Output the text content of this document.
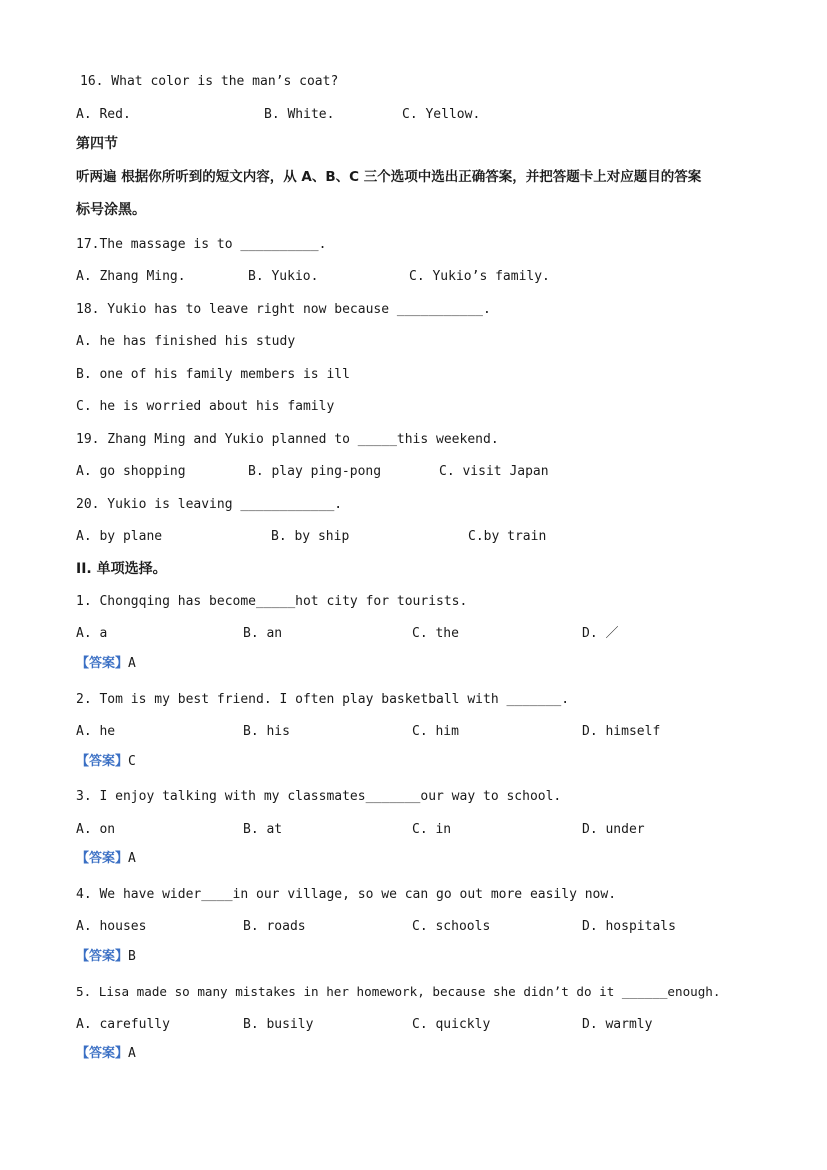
16. What color is the man’s coat?
A. Red.	B. White.	C. Yellow.
第四节
听两遍 根据你所听到的短文内容，从 A、B、C 三个选项中选出正确答案，并把答题卡上对应题目的答案
标号涂黑。
17.The massage is to __________.
A. Zhang Ming.	B. Yukio.	C. Yukio’s family.
18. Yukio has to leave right now because ___________.
A. he has finished his study
B. one of his family members is ill
C. he is worried about his family
19. Zhang Ming and Yukio planned to _____this weekend.
A. go shopping	B. play ping-pong	C. visit Japan
20. Yukio is leaving ____________.
A. by plane	B. by ship	C.by train
II. 单项选择。
1. Chongqing has become_____hot city for tourists.
A. a	B. an	C. the	D. ／
【答案】A
2. Tom is my best friend. I often play basketball with _______.
A. he	B. his	C. him	D. himself
【答案】C
3. I enjoy talking with my classmates_______our way to school.
A. on	B. at	C. in	D. under
【答案】A
4. We have wider____in our village, so we can go out more easily now.
A. houses	B. roads	C. schools	D. hospitals
【答案】B
5. Lisa made so many mistakes in her homework, because she didn’t do it ______enough.
A. carefully	B. busily	C. quickly	D. warmly
【答案】A
